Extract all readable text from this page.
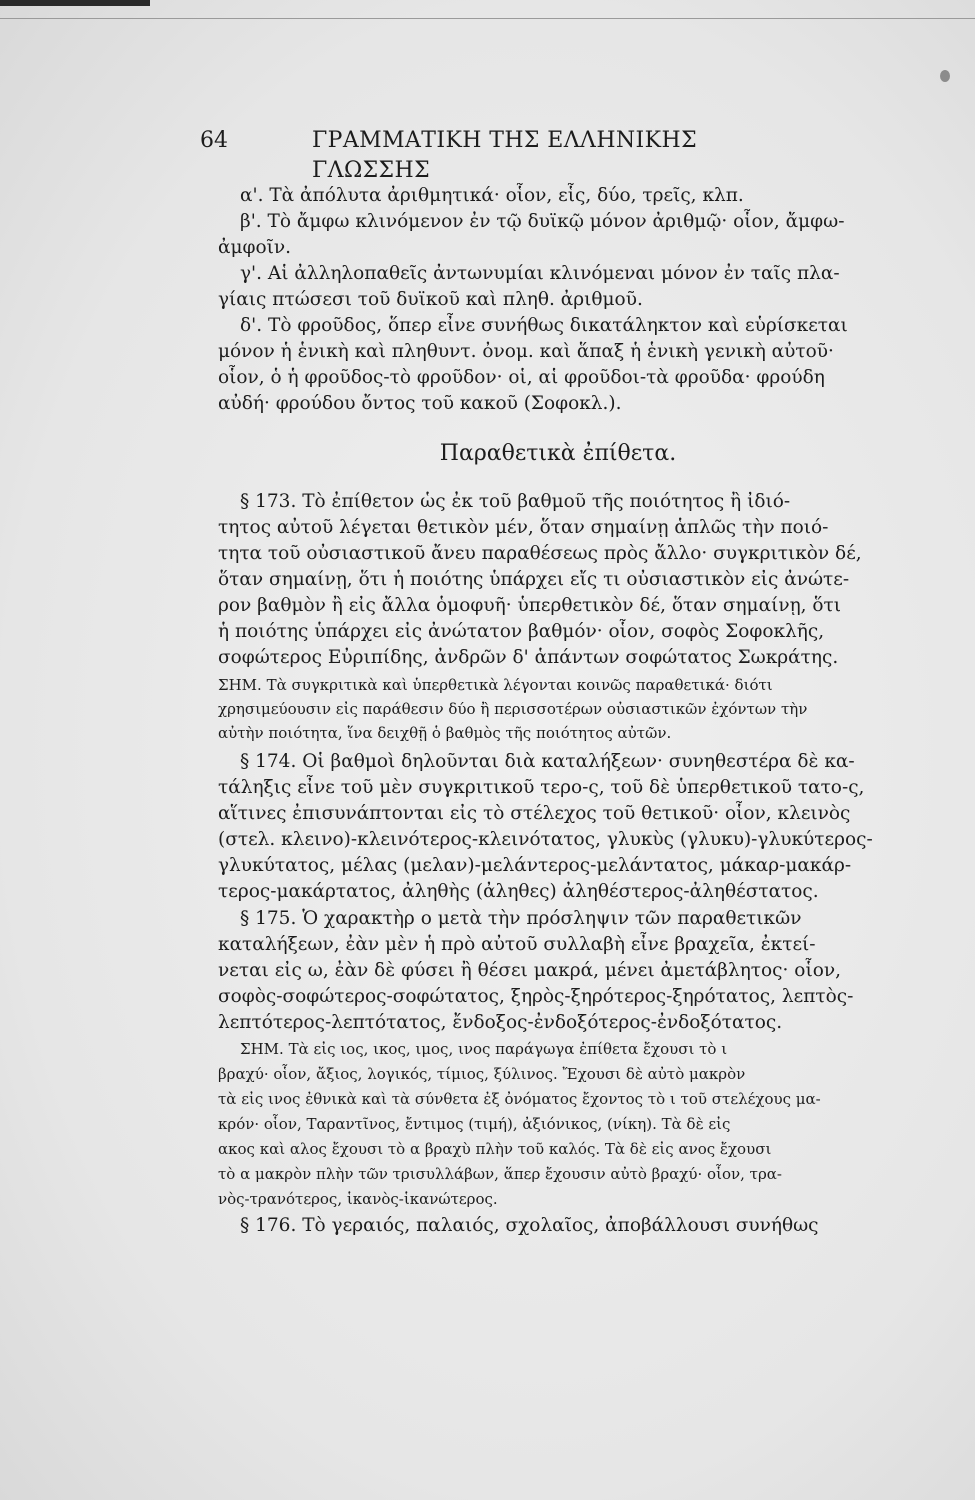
64	ΓΡΑΜΜΑΤΙΚΗ ΤΗΣ ΕΛΛΗΝΙΚΗΣ ΓΛΩΣΣΗΣ
α'. Τὰ ἀπόλυτα ἀριθμητικά· οἷον, εἷς, δύο, τρεῖς, κλπ.
β'. Τὸ ἄμφω κλινόμενον ἐν τῷ δυϊκῷ μόνον ἀριθμῷ· οἷον, ἄμφω-
ἀμφοῖν.
γ'. Αἱ ἀλληλοπαθεῖς ἀντωνυμίαι κλινόμεναι μόνον ἐν ταῖς πλα-
γίαις πτώσεσι τοῦ δυϊκοῦ καὶ πληθ. ἀριθμοῦ.
δ'. Τὸ φροῦδος, ὅπερ εἶνε συνήθως δικατάληκτον καὶ εὑρίσκεται
μόνον ἡ ἑνικὴ καὶ πληθυντ. ὀνομ. καὶ ἅπαξ ἡ ἑνικὴ γενικὴ αὐτοῦ·
οἷον, ὁ ἡ φροῦδος-τὸ φροῦδον· οἱ, αἱ φροῦδοι-τὰ φροῦδα· φρούδη
αὐδή· φρούδου ὄντος τοῦ κακοῦ (Σοφοκλ.).
Παραθετικὰ ἐπίθετα.
§ 173. Τὸ ἐπίθετον ὡς ἐκ τοῦ βαθμοῦ τῆς ποιότητος ἢ ἰδιό-
τητος αὐτοῦ λέγεται θετικὸν μέν, ὅταν σημαίνῃ ἁπλῶς τὴν ποιό-
τητα τοῦ οὐσιαστικοῦ ἄνευ παραθέσεως πρὸς ἄλλο· συγκριτικὸν δέ,
ὅταν σημαίνῃ, ὅτι ἡ ποιότης ὑπάρχει εἴς τι οὐσιαστικὸν εἰς ἀνώτε-
ρον βαθμὸν ἢ εἰς ἄλλα ὁμοφυῆ· ὑπερθετικὸν δέ, ὅταν σημαίνῃ, ὅτι
ἡ ποιότης ὑπάρχει εἰς ἀνώτατον βαθμόν· οἷον, σοφὸς Σοφοκλῆς,
σοφώτερος Εὐριπίδης, ἀνδρῶν δ' ἁπάντων σοφώτατος Σωκράτης.
ΣΗΜ. Τὰ συγκριτικὰ καὶ ὑπερθετικὰ λέγονται κοινῶς παραθετικά· διότι
χρησιμεύουσιν εἰς παράθεσιν δύο ἢ περισσοτέρων οὐσιαστικῶν ἐχόντων τὴν
αὐτὴν ποιότητα, ἵνα δειχθῇ ὁ βαθμὸς τῆς ποιότητος αὐτῶν.
§ 174. Οἱ βαθμοὶ δηλοῦνται διὰ καταλήξεων· συνηθεστέρα δὲ κα-
τάληξις εἶνε τοῦ μὲν συγκριτικοῦ τερο-ς, τοῦ δὲ ὑπερθετικοῦ τατο-ς,
αἵτινες ἐπισυνάπτονται εἰς τὸ στέλεχος τοῦ θετικοῦ· οἷον, κλεινὸς
(στελ. κλεινο)-κλεινότερος-κλεινότατος, γλυκὺς (γλυκυ)-γλυκύτερος-
γλυκύτατος, μέλας (μελαν)-μελάντερος-μελάντατος, μάκαρ-μακάρ-
τερος-μακάρτατος, ἀληθὴς (ἀληθες) ἀληθέστερος-ἀληθέστατος.
§ 175. Ὁ χαρακτὴρ ο μετὰ τὴν πρόσληψιν τῶν παραθετικῶν
καταλήξεων, ἐὰν μὲν ἡ πρὸ αὐτοῦ συλλαβὴ εἶνε βραχεῖα, ἐκτεί-
νεται εἰς ω, ἐὰν δὲ φύσει ἢ θέσει μακρά, μένει ἀμετάβλητος· οἷον,
σοφὸς-σοφώτερος-σοφώτατος, ξηρὸς-ξηρότερος-ξηρότατος, λεπτὸς-
λεπτότερος-λεπτότατος, ἔνδοξος-ἐνδοξότερος-ἐνδοξότατος.
ΣΗΜ. Τὰ εἰς ιος, ικος, ιμος, ινος παράγωγα ἐπίθετα ἔχουσι τὸ ι
βραχύ· οἷον, ἄξιος, λογικός, τίμιος, ξύλινος. Ἔχουσι δὲ αὐτὸ μακρὸν
τὰ εἰς ινος ἐθνικὰ καὶ τὰ σύνθετα ἐξ ὀνόματος ἔχοντος τὸ ι τοῦ στελέχους μα-
κρόν· οἷον, Ταραντῖνος, ἔντιμος (τιμή), ἀξιόνικος, (νίκη). Τὰ δὲ εἰς
ακος καὶ αλος ἔχουσι τὸ α βραχὺ πλὴν τοῦ καλός. Τὰ δὲ εἰς ανος ἔχουσι
τὸ α μακρὸν πλὴν τῶν τρισυλλάβων, ἅπερ ἔχουσιν αὐτὸ βραχύ· οἷον, τρα-
νὸς-τρανότερος, ἱκανὸς-ἱκανώτερος.
§ 176. Τὸ γεραιός, παλαιός, σχολαῖος, ἀποβάλλουσι συνήθως
